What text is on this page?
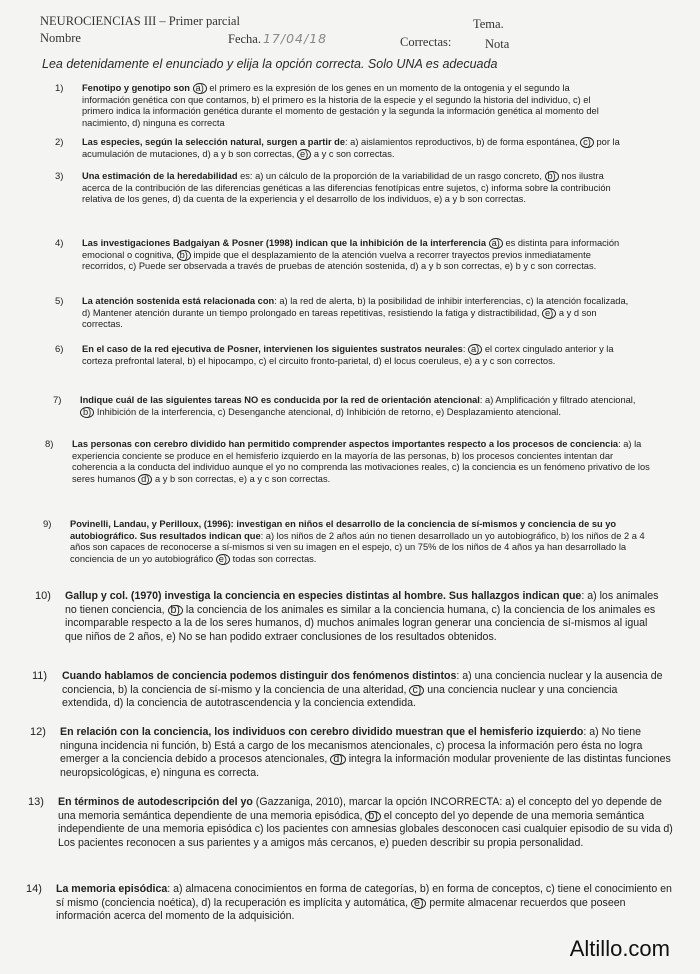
NEUROCIENCIAS III – Primer parcial
Nombre	Fecha. 17/04/18
Tema.
Correctas:	Nota
Lea detenidamente el enunciado y elija la opción correcta. Solo UNA es adecuada
1) Fenotipo y genotipo son a) el primero es la expresión de los genes en un momento de la ontogenia y el segundo la información genética con que contamos, b) el primero es la historia de la especie y el segundo la historia del individuo, c) el primero indica la información genética durante el momento de gestación y la segunda la información genética al momento del nacimiento, d) ninguna es correcta
2) Las especies, según la selección natural, surgen a partir de: a) aislamientos reproductivos, b) de forma espontánea, c) por la acumulación de mutaciones, d) a y b son correctas, e) a y c son correctas.
3) Una estimación de la heredabilidad es: a) un cálculo de la proporción de la variabilidad de un rasgo concreto, b) nos ilustra acerca de la contribución de las diferencias genéticas a las diferencias fenotípicas entre sujetos, c) informa sobre la contribución relativa de los genes, d) da cuenta de la experiencia y el desarrollo de los individuos, e) a y b son correctas.
4) Las investigaciones Badgaiyan & Posner (1998) indican que la inhibición de la interferencia a) es distinta para información emocional o cognitiva, b) impide que el desplazamiento de la atención vuelva a recorrer trayectos previos inmediatamente recorridos, c) Puede ser observada a través de pruebas de atención sostenida, d) a y b son correctas, e) b y c son correctas.
5) La atención sostenida está relacionada con: a) la red de alerta, b) la posibilidad de inhibir interferencias, c) la atención focalizada, d) Mantener atención durante un tiempo prolongado en tareas repetitivas, resistiendo la fatiga y distractibilidad, e) a y d son correctas.
6) En el caso de la red ejecutiva de Posner, intervienen los siguientes sustratos neurales: a) el cortex cingulado anterior y la corteza prefrontal lateral, b) el hipocampo, c) el circuito fronto-parietal, d) el locus coeruleus, e) a y c son correctos.
7) Indique cuál de las siguientes tareas NO es conducida por la red de orientación atencional: a) Amplificación y filtrado atencional, b) Inhibición de la interferencia, c) Desenganche atencional, d) Inhibición de retorno, e) Desplazamiento atencional.
8) Las personas con cerebro dividido han permitido comprender aspectos importantes respecto a los procesos de conciencia: a) la experiencia conciente se produce en el hemisferio izquierdo en la mayoría de las personas, b) los procesos concientes intentan dar coherencia a la conducta del individuo aunque el yo no comprenda las motivaciones reales, c) la conciencia es un fenómeno privativo de los seres humanos d) a y b son correctas, e) a y c son correctas.
9) Povinelli, Landau, y Perilloux, (1996): investigan en niños el desarrollo de la conciencia de sí-mismos y conciencia de su yo autobiográfico. Sus resultados indican que: a) los niños de 2 años aún no tienen desarrollado un yo autobiográfico, b) los niños de 2 a 4 años son capaces de reconocerse a sí-mismos si ven su imagen en el espejo, c) un 75% de los niños de 4 años ya han desarrollado la conciencia de un yo autobiográfico e) todas son correctas.
10) Gallup y col. (1970) investiga la conciencia en especies distintas al hombre. Sus hallazgos indican que: a) los animales no tienen conciencia, b) la conciencia de los animales es similar a la conciencia humana, c) la conciencia de los animales es incomparable respecto a la de los seres humanos, d) muchos animales logran generar una conciencia de sí-mismos al igual que niños de 2 años, e) No se han podido extraer conclusiones de los resultados obtenidos.
11) Cuando hablamos de conciencia podemos distinguir dos fenómenos distintos: a) una conciencia nuclear y la ausencia de conciencia, b) la conciencia de sí-mismo y la conciencia de una alteridad, c) una conciencia nuclear y una conciencia extendida, d) la conciencia de autotrascendencia y la conciencia extendida.
12) En relación con la conciencia, los individuos con cerebro dividido muestran que el hemisferio izquierdo: a) No tiene ninguna incidencia ni función, b) Está a cargo de los mecanismos atencionales, c) procesa la información pero ésta no logra emerger a la conciencia debido a procesos atencionales, d) integra la información modular proveniente de las distintas funciones neuropsicológicas, e) ninguna es correcta.
13) En términos de autodescripción del yo (Gazzaniga, 2010), marcar la opción INCORRECTA: a) el concepto del yo depende de una memoria semántica dependiente de una memoria episódica, b) el concepto del yo depende de una memoria semántica independiente de una memoria episódica c) los pacientes con amnesias globales desconocen casi cualquier episodio de su vida d) Los pacientes reconocen a sus parientes y a amigos más cercanos, e) pueden describir su propia personalidad.
14) La memoria episódica: a) almacena conocimientos en forma de categorías, b) en forma de conceptos, c) tiene el conocimiento en sí mismo (conciencia noética), d) la recuperación es implícita y automática, e) permite almacenar recuerdos que poseen información acerca del momento de la adquisición.
Altillo.com
